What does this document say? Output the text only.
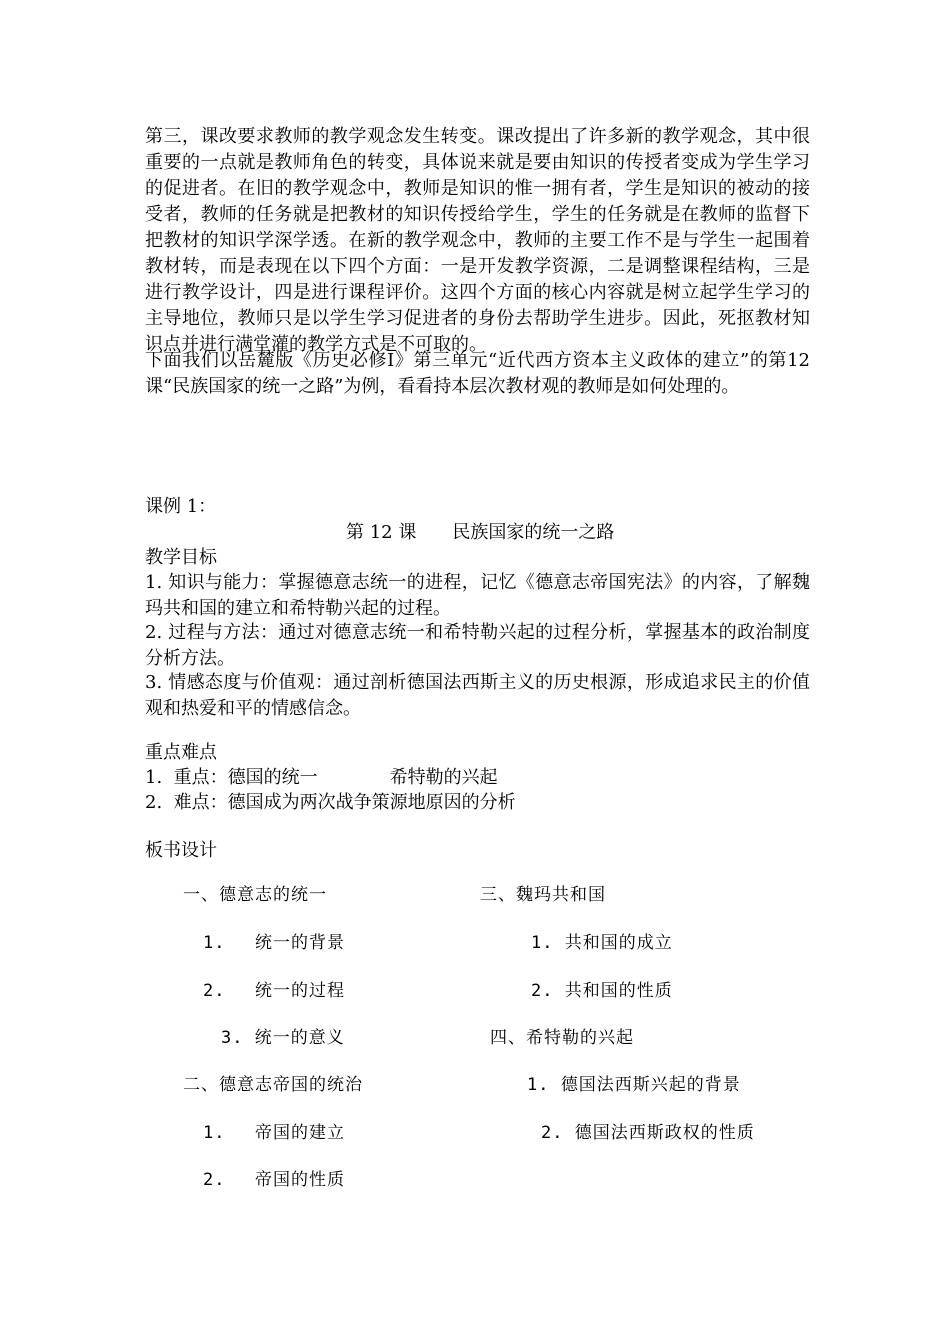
第三，课改要求教师的教学观念发生转变。课改提出了许多新的教学观念，其中很重要的一点就是教师角色的转变，具体说来就是要由知识的传授者变成为学生学习的促进者。在旧的教学观念中，教师是知识的惟一拥有者，学生是知识的被动的接受者，教师的任务就是把教材的知识传授给学生，学生的任务就是在教师的监督下把教材的知识学深学透。在新的教学观念中，教师的主要工作不是与学生一起围着教材转，而是表现在以下四个方面：一是开发教学资源，二是调整课程结构，三是进行教学设计，四是进行课程评价。这四个方面的核心内容就是树立起学生学习的主导地位，教师只是以学生学习促进者的身份去帮助学生进步。因此，死抠教材知识点并进行满堂灌的教学方式是不可取的。

下面我们以岳麓版《历史必修Ⅰ》第三单元“近代西方资本主义政体的建立”的第12课“民族国家的统一之路”为例，看看持本层次教材观的教师是如何处理的。

课例 1：

第 12 课　　民族国家的统一之路

教学目标

1. 知识与能力：掌握德意志统一的进程，记忆《德意志帝国宪法》的内容，了解魏玛共和国的建立和希特勒兴起的过程。

2. 过程与方法：通过对德意志统一和希特勒兴起的过程分析，掌握基本的政治制度分析方法。

3. 情感态度与价值观：通过剖析德国法西斯主义的历史根源，形成追求民主的价值观和热爱和平的情感信念。

重点难点

1.  重点：德国的统一　　　　希特勒的兴起

2.  难点：德国成为两次战争策源地原因的分析

板书设计

一、德意志的统一
1. 统一的背景
2. 统一的过程
3. 统一的意义
二、德意志帝国的统治
1. 帝国的建立
2. 帝国的性质
三、魏玛共和国
1. 共和国的成立
2. 共和国的性质
四、希特勒的兴起
1. 德国法西斯兴起的背景
2. 德国法西斯政权的性质
